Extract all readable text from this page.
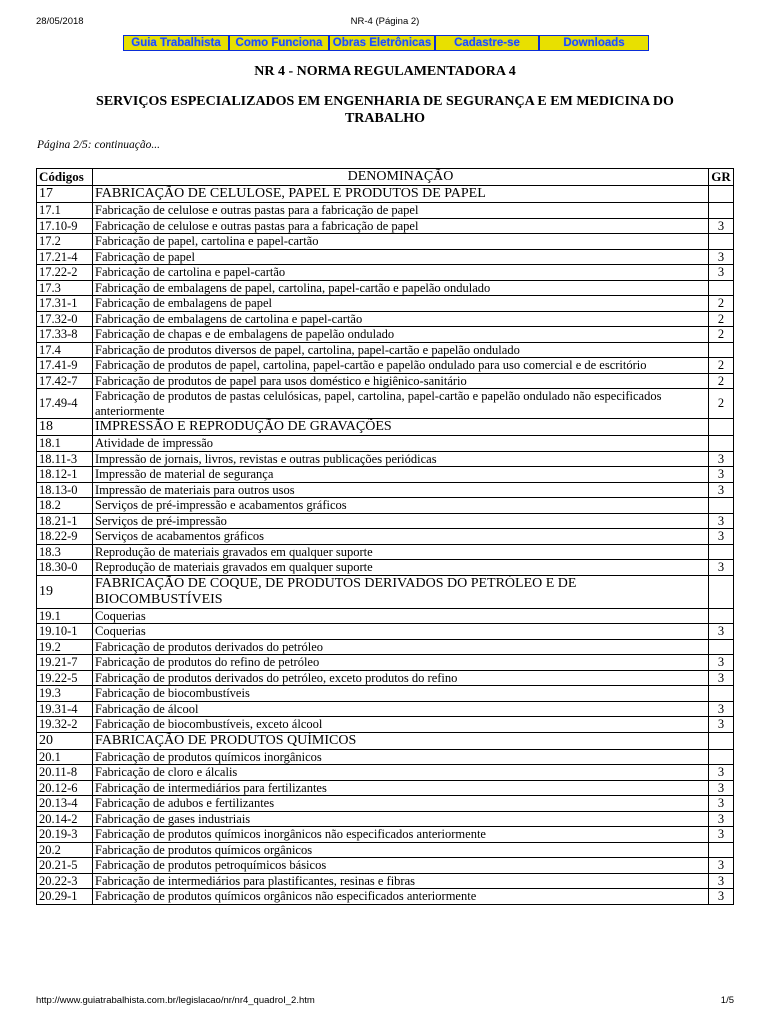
28/05/2018	NR-4 (Página 2)
Guia Trabalhista	Como Funciona Obras Eletrônicas	Cadastre-se	Downloads
NR 4 - NORMA REGULAMENTADORA 4
SERVIÇOS ESPECIALIZADOS EM ENGENHARIA DE SEGURANÇA E EM MEDICINA DO TRABALHO
Página 2/5: continuação...
Códigos	DENOMINAÇÃO	GR
17	FABRICAÇÃO DE CELULOSE, PAPEL E PRODUTOS DE PAPEL	
17.1	Fabricação de celulose e outras pastas para a fabricação de papel	
17.10-9	Fabricação de celulose e outras pastas para a fabricação de papel	3
17.2	Fabricação de papel, cartolina e papel-cartão	
17.21-4	Fabricação de papel	3
17.22-2	Fabricação de cartolina e papel-cartão	3
17.3	Fabricação de embalagens de papel, cartolina, papel-cartão e papelão ondulado	
17.31-1	Fabricação de embalagens de papel	2
17.32-0	Fabricação de embalagens de cartolina e papel-cartão	2
17.33-8	Fabricação de chapas e de embalagens de papelão ondulado	2
17.4	Fabricação de produtos diversos de papel, cartolina, papel-cartão e papelão ondulado	
17.41-9	Fabricação de produtos de papel, cartolina, papel-cartão e papelão ondulado para uso comercial e de escritório	2
17.42-7	Fabricação de produtos de papel para usos doméstico e higiênico-sanitário	2
17.49-4	Fabricação de produtos de pastas celulósicas, papel, cartolina, papel-cartão e papelão ondulado não especificados anteriormente	2
18	IMPRESSÃO E REPRODUÇÃO DE GRAVAÇÕES	
18.1	Atividade de impressão	
18.11-3	Impressão de jornais, livros, revistas e outras publicações periódicas	3
18.12-1	Impressão de material de segurança	3
18.13-0	Impressão de materiais para outros usos	3
18.2	Serviços de pré-impressão e acabamentos gráficos	
18.21-1	Serviços de pré-impressão	3
18.22-9	Serviços de acabamentos gráficos	3
18.3	Reprodução de materiais gravados em qualquer suporte	
18.30-0	Reprodução de materiais gravados em qualquer suporte	3
19	FABRICAÇÃO DE COQUE, DE PRODUTOS DERIVADOS DO PETRÓLEO E DE BIOCOMBUSTÍVEIS	
19.1	Coquerias	
19.10-1	Coquerias	3
19.2	Fabricação de produtos derivados do petróleo	
19.21-7	Fabricação de produtos do refino de petróleo	3
19.22-5	Fabricação de produtos derivados do petróleo, exceto produtos do refino	3
19.3	Fabricação de biocombustíveis	
19.31-4	Fabricação de álcool	3
19.32-2	Fabricação de biocombustíveis, exceto álcool	3
20	FABRICAÇÃO DE PRODUTOS QUÍMICOS	
20.1	Fabricação de produtos químicos inorgânicos	
20.11-8	Fabricação de cloro e álcalis	3
20.12-6	Fabricação de intermediários para fertilizantes	3
20.13-4	Fabricação de adubos e fertilizantes	3
20.14-2	Fabricação de gases industriais	3
20.19-3	Fabricação de produtos químicos inorgânicos não especificados anteriormente	3
20.2	Fabricação de produtos químicos orgânicos	
20.21-5	Fabricação de produtos petroquímicos básicos	3
20.22-3	Fabricação de intermediários para plastificantes, resinas e fibras	3
20.29-1	Fabricação de produtos químicos orgânicos não especificados anteriormente	3
http://www.guiatrabalhista.com.br/legislacao/nr/nr4_quadroI_2.htm	1/5
